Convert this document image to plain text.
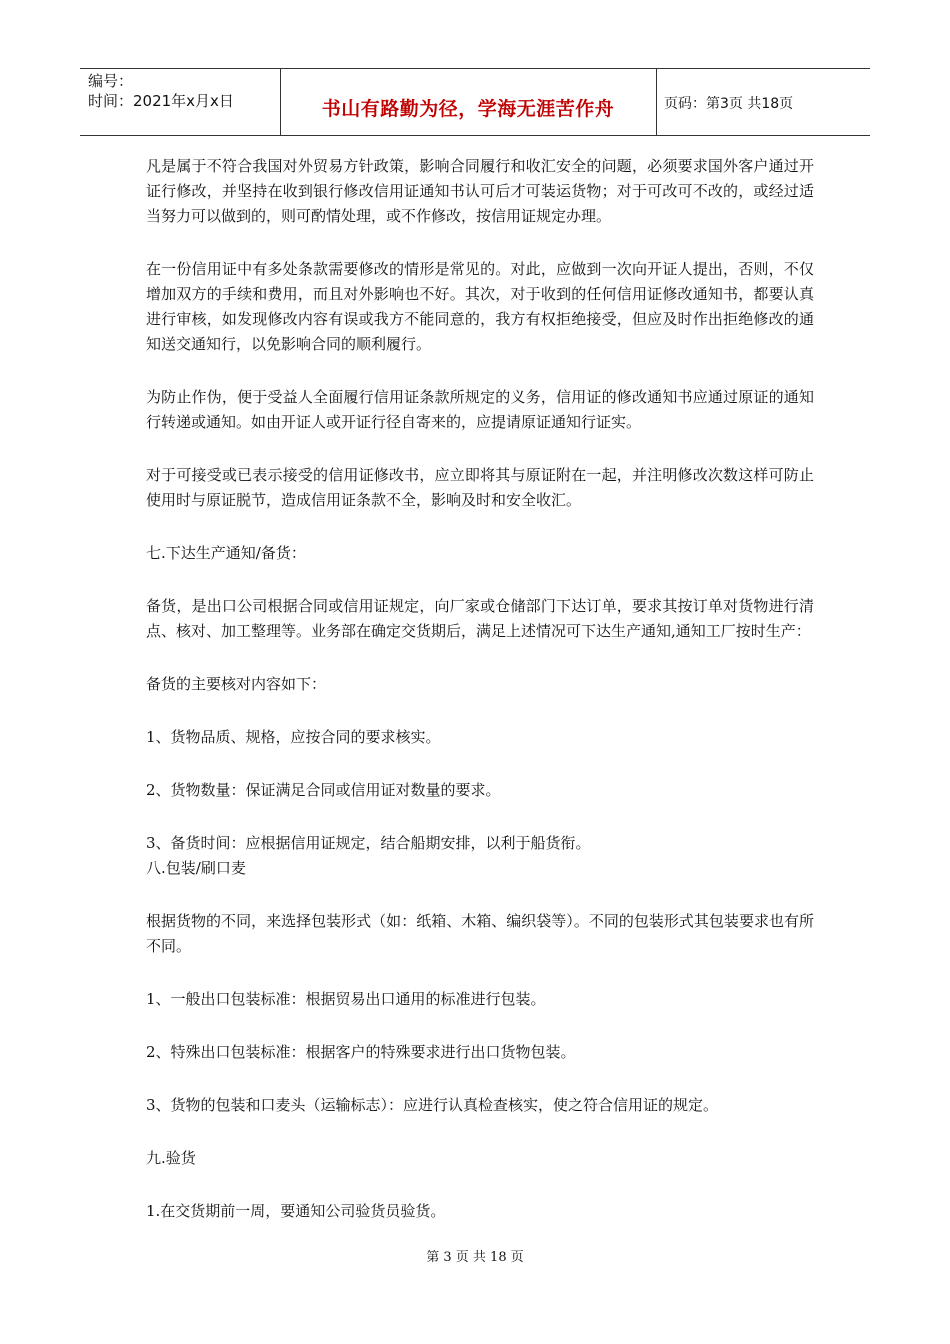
编号：
时间：2021年x月x日	书山有路勤为径，学海无涯苦作舟	页码：第3页 共18页

凡是属于不符合我国对外贸易方针政策，影响合同履行和收汇安全的问题，必须要求国外客户通过开证行修改，并坚持在收到银行修改信用证通知书认可后才可装运货物；对于可改可不改的，或经过适当努力可以做到的，则可酌情处理，或不作修改，按信用证规定办理。

在一份信用证中有多处条款需要修改的情形是常见的。对此，应做到一次向开证人提出，否则，不仅增加双方的手续和费用，而且对外影响也不好。其次，对于收到的任何信用证修改通知书，都要认真进行审核，如发现修改内容有误或我方不能同意的，我方有权拒绝接受，但应及时作出拒绝修改的通知送交通知行，以免影响合同的顺利履行。

为防止作伪，便于受益人全面履行信用证条款所规定的义务，信用证的修改通知书应通过原证的通知行转递或通知。如由开证人或开证行径自寄来的，应提请原证通知行证实。

对于可接受或已表示接受的信用证修改书，应立即将其与原证附在一起，并注明修改次数这样可防止使用时与原证脱节，造成信用证条款不全，影响及时和安全收汇。

七.下达生产通知/备货：

备货，是出口公司根据合同或信用证规定，向厂家或仓储部门下达订单，要求其按订单对货物进行清点、核对、加工整理等。业务部在确定交货期后，满足上述情况可下达生产通知,通知工厂按时生产：

备货的主要核对内容如下：

1、货物品质、规格，应按合同的要求核实。

2、货物数量：保证满足合同或信用证对数量的要求。

3、备货时间：应根据信用证规定，结合船期安排，以利于船货衔。

八.包装/刷口麦

根据货物的不同，来选择包装形式（如：纸箱、木箱、编织袋等）。不同的包装形式其包装要求也有所不同。

1、一般出口包装标准：根据贸易出口通用的标准进行包装。

2、特殊出口包装标准：根据客户的特殊要求进行出口货物包装。

3、货物的包装和口麦头（运输标志）：应进行认真检查核实，使之符合信用证的规定。

九.验货

1.在交货期前一周，要通知公司验货员验货。

第 3 页 共 18 页
